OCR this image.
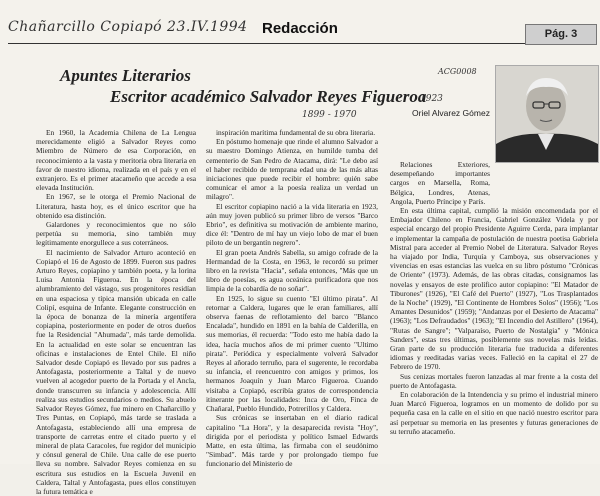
Chañarcillo Copiapó 23.IV.1994 Redacción	Pág. 3
ACG0008
1923
1899 - 1970
Apuntes Literarios
Escritor académico Salvador Reyes Figueroa
Oriel Alvarez Gómez

En 1960, la Academia Chilena de La Lengua merecidamente eligió a Salvador Reyes como Miembro de Número de esa Corporación, en reconocimiento a la vasta y meritoria obra literaria en favor de nuestro idioma, realizada en el país y en el extranjero. Es el primer atacameño que accede a esa elevada Institución.

En 1967, se le otorga el Premio Nacional de Literatura, hasta hoy, es el único escritor que ha obtenido esa distinción.

Galardones y reconocimientos que no sólo perpetúa su memoria, sino también muy legítimamente enorgullece a sus coterráneos.

El nacimiento de Salvador Arturo aconteció en Copiapó el 16 de Agosto de 1899. Fueron sus padres Arturo Reyes, copiapino y también poeta, y la lorina Luisa Antonia Figueroa. En la época del alumbramiento del vástago, sus progenitores residían en una espaciosa y típica mansión ubicada en calle Colipí, esquina de Infante. Elegante construcción en la época de bonanza de la minería argentífera copiapina, posteriormente en poder de otros dueños fue la Residencial "Ahumada", más tarde demolida. En la actualidad en este solar se encuentran las oficinas e instalaciones de Entel Chile. El niño Salvador desde Copiapó es llevado por sus padres a Antofagasta, posteriormente a Taltal y de nuevo vuelven al acogedor puerto de la Portada y el Ancla, donde transcurren su infancia y adolescencia. Allí realiza sus estudios secundarios o medios. Su abuelo Salvador Reyes Gómez, fue minero en Chañarcillo y Tres Puntas, en Copiapó, más tarde se traslada a Antofagasta, estableciendo allí una empresa de transporte de carretas entre el citado puerto y el mineral de plata Caracoles, fue regidor del municipio y cónsul general de Chile. Una calle de ese puerto lleva su nombre. Salvador Reyes comienza en su escritura sus estudios en la Escuela Juvenil en Caldera, Taltal y Antofagasta, pues ellos constituyen la futura temática e

inspiración marítima fundamental de su obra literaria.

En póstumo homenaje que rinde el alumno Salvador a su maestro Domingo Atienza, en humilde tumba del cementerio de San Pedro de Atacama, dirá: "Le debo así el haber recibido de temprana edad una de las más altas iniciaciones que puede recibir el hombre: quién sabe comunicar el amor a la poesía realiza un verdad un milagro".

El escritor copiapino nació a la vida literaria en 1923, aún muy joven publicó su primer libro de versos "Barco Ebrio", es definitiva su motivación de ambiente marino, dice él: "Dentro de mí hay un viejo lobo de mar el buen piloto de un bergantín negrero".

El gran poeta Andrés Sabella, su amigo cofrade de la Hermandad de la Costa, en 1963, le recordó su primer libro en la revista "Hacia", señala entonces, "Más que un libro de poesías, es agua oceánica purificadora que nos limpia de la cobardía de no soñar".

En 1925, lo sigue su cuento "El último pirata". Al retornar a Caldera, lugares que le eran familiares, allí observa faenas de reflotamiento del barco "Blanco Encalada", hundido en 1891 en la bahía de Calderilla, en sus memorias, él recuerda: "Todo esto me había dado la idea, hacía muchos años de mi primer cuento "Ultimo pirata". Periódica y especialmente volverá Salvador Reyes al añorado terruño, para el sugerente, le recordaba su infancia, el reencuentro con amigos y primos, los hermanos Joaquín y Juan Marco Figueroa. Cuando visitaba a Copiapó, escribía gratos de correspondencia itinerante por las localidades: Inca de Oro, Finca de Chañaral, Pueblo Hundido, Potrerillos y Caldera.

Sus crónicas se insertaban en el diario radical capitalino "La Hora", y la desaparecida revista "Hoy", dirigida por el periodista y político Ismael Edwards Matte, en esta última, las firmaba con el seudónimo "Simbad". Más tarde y por prolongado tiempo fue funcionario del Ministerio de

Relaciones Exteriores, desempeñando importantes cargos en Marsella, Roma, Bélgica, Londres, Atenas, Angola, Puerto Príncipe y París.

En esta última capital, cumplió la misión encomendada por el Embajador Chileno en Francia, Gabriel González Videla y por especial encargo del propio Presidente Aguirre Cerda, para implantar e implementar la campaña de postulación de nuestra poetisa Gabriela Mistral para acceder al Premio Nobel de Literatura. Salvador Reyes ha viajado por India, Turquía y Camboya, sus observaciones y vivencias en esas estancias las vuelca en su libro póstumo "Crónicas de Oriente" (1973). Además, de las obras citadas, consignamos las novelas y ensayos de este prolífico autor copiapino: "El Matador de Tiburones" (1926), "El Café del Puerto" (1927), "Los Trasplantados de la Noche" (1929), "El Continente de Hombres Solos" (1956); "Los Amantes Desunidos" (1959); "Andanzas por el Desierto de Atacama" (1963); "Los Defraudados" (1963); "El Incendio del Astillero" (1964), "Rutas de Sangre"; "Valparaíso, Puerto de Nostalgia" y "Mónica Sanders", estas tres últimas, posiblemente sus novelas más leídas. Gran parte de su producción literaria fue traducida a diferentes idiomas y reeditadas varias veces. Falleció en la capital el 27 de Febrero de 1970.

Sus cenizas mortales fueron lanzadas al mar frente a la costa del puerto de Antofagasta.

En colaboración de la Intendencia y su primo el industrial minero Juan Marcó Figueroa, logramos en un momento de dolido por su pequeña casa en la calle en el sitio en que nació nuestro escritor para así perpetuar su memoria en las presentes y futuras generaciones de su terruño atacameño.
